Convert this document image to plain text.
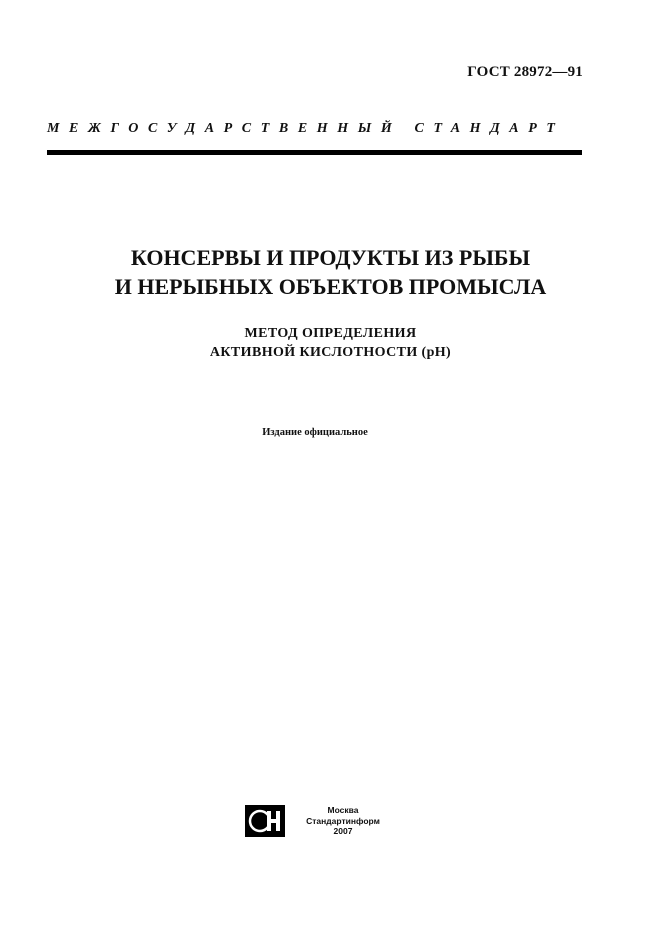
ГОСТ 28972—91
МЕЖГОСУДАРСТВЕННЫЙ СТАНДАРТ
КОНСЕРВЫ И ПРОДУКТЫ ИЗ РЫБЫ
И НЕРЫБНЫХ ОБЪЕКТОВ ПРОМЫСЛА
МЕТОД ОПРЕДЕЛЕНИЯ
АКТИВНОЙ КИСЛОТНОСТИ (pH)
Издание официальное
Москва
Стандартинформ
2007
